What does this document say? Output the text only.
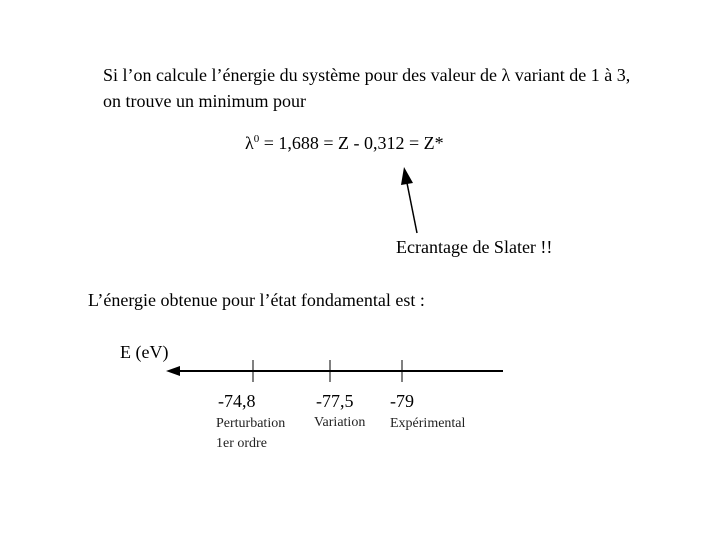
Si l’on calcule l’énergie du système pour des valeur de λ variant de 1 à 3,
on trouve un minimum pour
$\lambda^0 = 1,688 = Z - 0,312 = Z*$
Ecrantage de Slater !!
L’énergie obtenue pour l’état fondamental est :
E (eV)
-74,8	-77,5 -79
Perturbation
1er ordre
Variation Expérimental
